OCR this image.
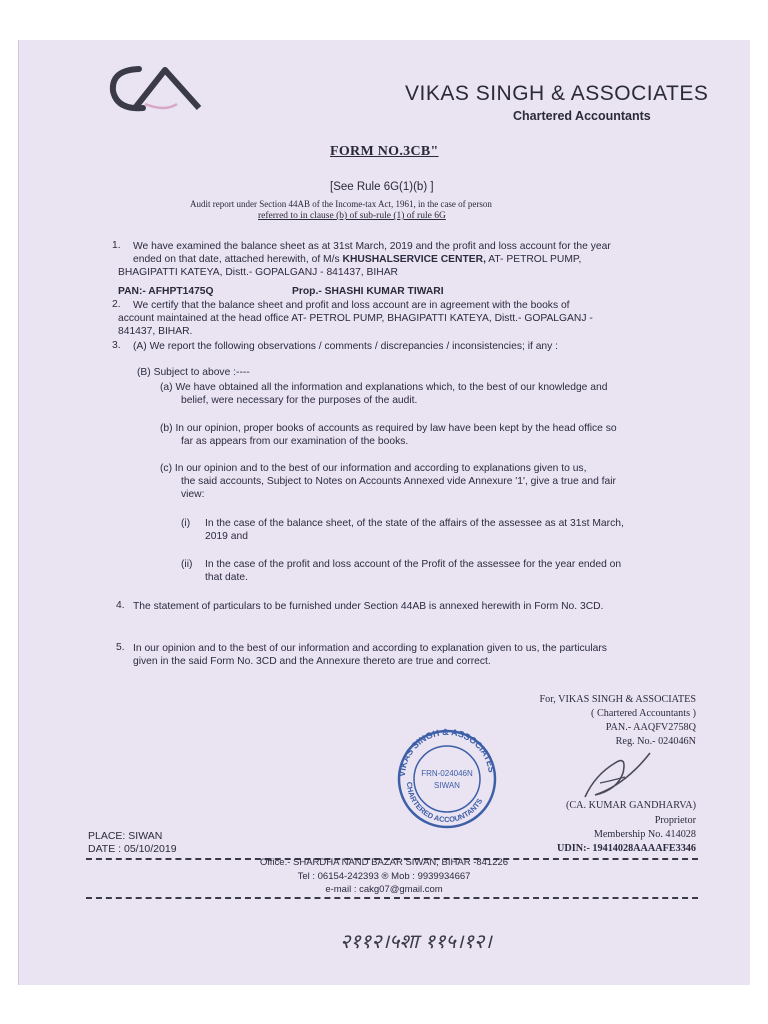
VIKAS SINGH & ASSOCIATES
Chartered Accountants
FORM NO.3CB"
[See Rule 6G(1)(b) ]
Audit report under Section 44AB of the Income-tax Act, 1961, in the case of person
referred to in clause (b) of sub-rule (1) of rule 6G
1. We have examined the balance sheet as at 31st March, 2019 and the profit and loss account for the year
ended on that date, attached herewith, of M/s KHUSHALSERVICE CENTER, AT- PETROL PUMP,
BHAGIPATTI KATEYA, Distt.- GOPALGANJ - 841437, BIHAR
PAN:- AFHPT1475Q	Prop.- SHASHI KUMAR TIWARI
2. We certify that the balance sheet and profit and loss account are in agreement with the books of
account maintained at the head office AT- PETROL PUMP, BHAGIPATTI KATEYA, Distt.- GOPALGANJ -
841437, BIHAR.
3. (A) We report the following observations / comments / discrepancies / inconsistencies; if any :
(B) Subject to above :----
(a) We have obtained all the information and explanations which, to the best of our knowledge and
belief, were necessary for the purposes of the audit.
(b) In our opinion, proper books of accounts as required by law have been kept by the head office so
far as appears from our examination of the books.
(c) In our opinion and to the best of our information and according to explanations given to us,
the said accounts, Subject to Notes on Accounts Annexed vide Annexure '1', give a true and fair
view:
(i) In the case of the balance sheet, of the state of the affairs of the assessee as at 31st March,
2019 and
(ii) In the case of the profit and loss account of the Profit of the assessee for the year ended on
that date.
4. The statement of particulars to be furnished under Section 44AB is annexed herewith in Form No. 3CD.
5. In our opinion and to the best of our information and according to explanation given to us, the particulars
given in the said Form No. 3CD and the Annexure thereto are true and correct.
For, VIKAS SINGH & ASSOCIATES
( Chartered Accountants )
PAN.- AAQFV2758Q
Reg. No.- 024046N
VIKAS SINGH & ASSOCIATES
CHARTERED ACCOUNTANTS
FRN-024046N
SIWAN
(CA. KUMAR GANDHARVA)
Proprietor
Membership No. 414028
UDIN:- 19414028AAAAFE3346
PLACE: SIWAN
DATE : 05/10/2019
Office.- SHARDHA NAND BAZAR SIWAN, BIHAR -841226
Tel : 06154-242393 ® Mob : 9939934667
e-mail : cakg07@gmail.com
२११२।५शा ११५।१२।
